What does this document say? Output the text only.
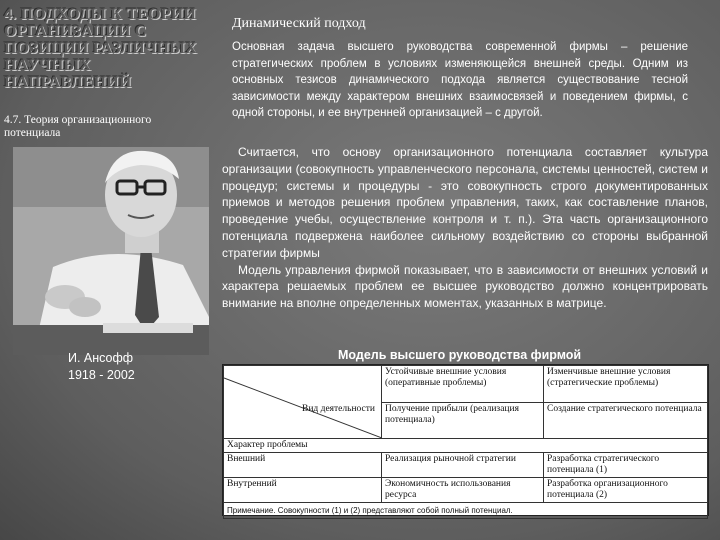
4. ПОДХОДЫ К ТЕОРИИ ОРГАНИЗАЦИИ С ПОЗИЦИИ РАЗЛИЧНЫХ НАУЧНЫХ НАПРАВЛЕНИЙ
4.7. Теория организационного потенциала
И. Ансофф
1918 - 2002
Динамический подход
Основная задача высшего руководства современной фирмы – решение стратегических проблем в условиях изменяющейся внешней среды. Одним из основных тезисов динамического подхода является существование тесной зависимости между характером внешних взаимосвязей и поведением фирмы, с одной стороны, и ее внутренней организацией – с другой.
Считается, что основу организационного потенциала составляет культура организации (совокупность управленческого персонала, системы ценностей, систем и процедур; системы и процедуры - это совокупность строго документированных приемов и методов решения проблем управления, таких, как составление планов, проведение учебы, осуществление контроля и т. п.). Эта часть организационного потенциала подвержена наиболее сильному воздействию со стороны выбранной стратегии фирмы
Модель управления фирмой показывает, что в зависимости от внешних условий и характера решаемых проблем ее высшее руководство должно концентрировать внимание на вполне определенных моментах, указанных в матрице.
Модель высшего руководства фирмой
Вид деятельности	Устойчивые внешние условия (оперативные проблемы)	Изменчивые внешние условия (стратегические проблемы)
	Получение прибыли (реализация потенциала)	Создание стратегического потенциала
Характер проблемы		
Внешний	Реализация рыночной стратегии	Разработка стратегического потенциала (1)
Внутренний	Экономичность использования ресурса	Разработка организационного потенциала (2)
Примечание. Совокупности (1) и (2) представляют собой полный потенциал.		
